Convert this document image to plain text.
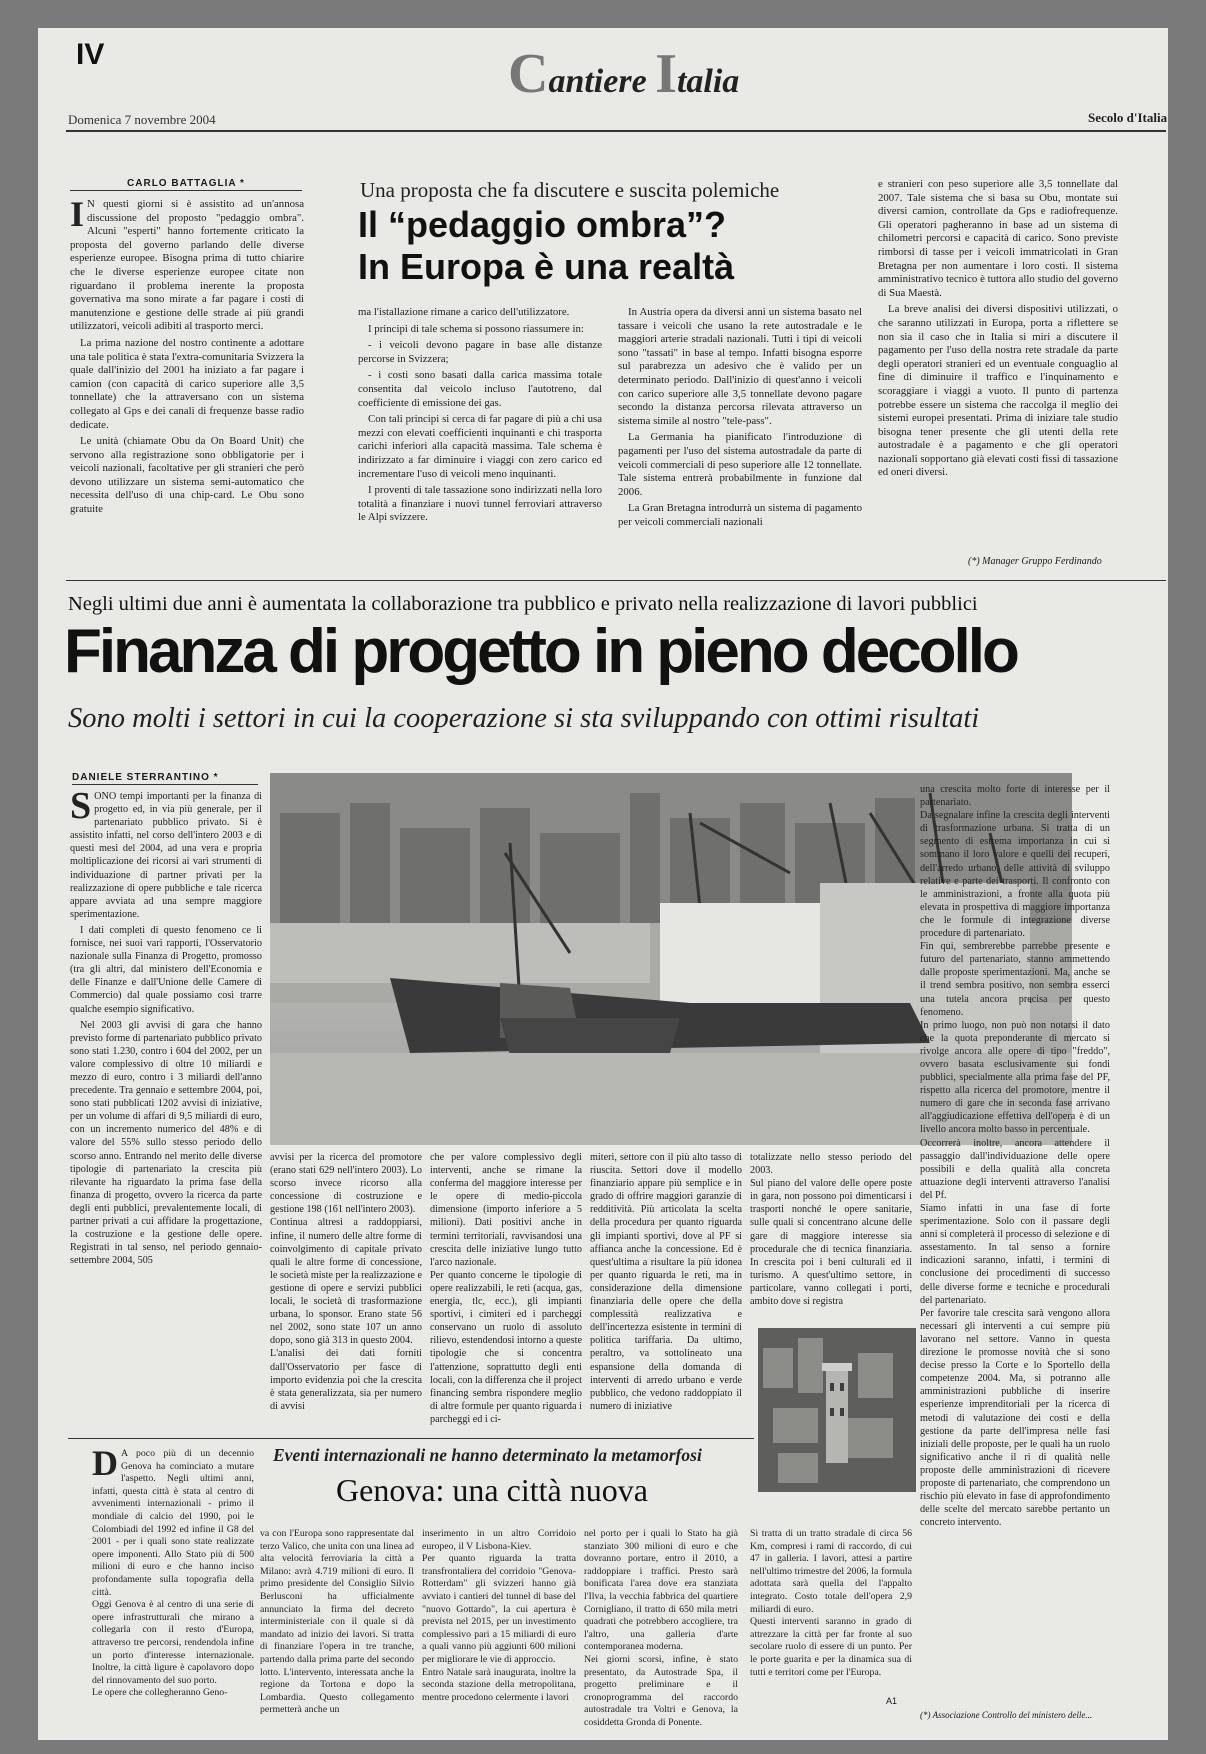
IV	Cantiere Italia
Domenica 7 novembre 2004	Secolo d'Italia
CARLO BATTAGLIA *	Una proposta che fa discutere e suscita polemiche
Il “pedaggio ombra”?
In Europa è una realtà
I N questi giorni si è assistito ad un'annosa discussione del proposto "pedaggio ombra". Alcuni "esperti" hanno fortemente criticato la proposta del governo parlando delle diverse esperienze europee. Bisogna prima di tutto chiarire che le diverse esperienze europee citate non riguardano il problema inerente la proposta governativa ma sono mirate a far pagare i costi di manutenzione e gestione delle strade ai più grandi utilizzatori, veicoli adibiti al trasporto merci.

La prima nazione del nostro continente a adottare una tale politica è stata l'extra-comunitaria Svizzera la quale dall'inizio del 2001 ha iniziato a far pagare i camion (con capacità di carico superiore alle 3,5 tonnellate) che la attraversano con un sistema collegato al Gps e dei canali di frequenze basse radio dedicate.

Le unità (chiamate Obu da On Board Unit) che servono alla registrazione sono obbligatorie per i veicoli nazionali, facoltative per gli stranieri che però devono utilizzare un sistema semi-automatico che necessita dell'uso di una chip-card. Le Obu sono gratuite

ma l'istallazione rimane a carico dell'utilizzatore.

I principi di tale schema si possono riassumere in:

- i veicoli devono pagare in base alle distanze percorse in Svizzera;

- i costi sono basati dalla carica massima totale consentita dal veicolo incluso l'autotreno, dal coefficiente di emissione dei gas.

Con tali principi si cerca di far pagare di più a chi usa mezzi con elevati coefficienti inquinanti e chi trasporta carichi inferiori alla capacità massima. Tale schema è indirizzato a far diminuire i viaggi con zero carico ed incrementare l'uso di veicoli meno inquinanti.

I proventi di tale tassazione sono indirizzati nella loro totalità a finanziare i nuovi tunnel ferroviari attraverso le Alpi svizzere.

In Austria opera da diversi anni un sistema basato nel tassare i veicoli che usano la rete autostradale e le maggiori arterie stradali nazionali. Tutti i tipi di veicoli sono "tassati" in base al tempo. Infatti bisogna esporre sul parabrezza un adesivo che è valido per un determinato periodo. Dall'inizio di quest'anno i veicoli con carico superiore alle 3,5 tonnellate devono pagare secondo la distanza percorsa rilevata attraverso un sistema simile al nostro "tele-pass".

La Germania ha pianificato l'introduzione di pagamenti per l'uso del sistema autostradale da parte di veicoli commerciali di peso superiore alle 12 tonnellate. Tale sistema entrerà probabilmente in funzione dal 2006.

La Gran Bretagna introdurrà un sistema di pagamento per veicoli commerciali nazionali

e stranieri con peso superiore alle 3,5 tonnellate dal 2007. Tale sistema che si basa su Obu, montate sui diversi camion, controllate da Gps e radiofrequenze. Gli operatori pagheranno in base ad un sistema di chilometri percorsi e capacità di carico. Sono previste rimborsi di tasse per i veicoli immatricolati in Gran Bretagna per non aumentare i loro costi. Il sistema amministrativo tecnico è tuttora allo studio del governo di Sua Maestà.

La breve analisi dei diversi dispositivi utilizzati, o che saranno utilizzati in Europa, porta a riflettere se non sia il caso che in Italia si miri a discutere il pagamento per l'uso della nostra rete stradale da parte degli operatori stranieri ed un eventuale conguaglio al fine di diminuire il traffico e l'inquinamento e scoraggiare i viaggi a vuoto. Il punto di partenza potrebbe essere un sistema che raccolga il meglio dei sistemi europei presentati. Prima di iniziare tale studio bisogna tener presente che gli utenti della rete autostradale è a pagamento e che gli operatori nazionali sopportano già elevati costi fissi di tassazione ed oneri diversi.

(*) Manager Gruppo Ferdinando
Negli ultimi due anni è aumentata la collaborazione tra pubblico e privato nella realizzazione di lavori pubblici
Finanza di progetto in pieno decollo
Sono molti i settori in cui la cooperazione si sta sviluppando con ottimi risultati
DANIELE STERRANTINO *
S ONO tempi importanti per la finanza di progetto ed, in via più generale, per il partenariato pubblico privato. Si è assistito infatti, nel corso dell'intero 2003 e di questi mesi del 2004, ad una vera e propria moltiplicazione dei ricorsi ai vari strumenti di individuazione di partner privati per la realizzazione di opere pubbliche e tale ricerca appare avviata ad una sempre maggiore sperimentazione.

I dati completi di questo fenomeno ce li fornisce, nei suoi vari rapporti, l'Osservatorio nazionale sulla Finanza di Progetto, promosso (tra gli altri, dal ministero dell'Economia e delle Finanze e dall'Unione delle Camere di Commercio) dal quale possiamo così trarre qualche esempio significativo.

Nel 2003 gli avvisi di gara che hanno previsto forme di partenariato pubblico privato sono stati 1.230, contro i 604 del 2002, per un valore complessivo di oltre 10 miliardi e mezzo di euro, contro i 3 miliardi dell'anno precedente. Tra gennaio e settembre 2004, poi, sono stati pubblicati 1202 avvisi di iniziative, per un volume di affari di 9,5 miliardi di euro, con un incremento numerico del 48% e di valore del 55% sullo stesso periodo dello scorso anno. Entrando nel merito delle diverse tipologie di partenariato la crescita più rilevante ha riguardato la prima fase della finanza di progetto, ovvero la ricerca da parte degli enti pubblici, prevalentemente locali, di partner privati a cui affidare la progettazione, la costruzione e la gestione delle opere. Registrati in tal senso, nel periodo gennaio-settembre 2004, 505

avvisi per la ricerca del promotore (erano stati 629 nell'intero 2003). Lo scorso invece ricorso alla concessione di costruzione e gestione 198 (161 nell'intero 2003).
Continua altresi a raddoppiarsi, infine, il numero delle altre forme di coinvolgimento di capitale privato quali le altre forme di concessione, le società miste per la realizzazione e gestione di opere e servizi pubblici locali, le società di trasformazione urbana, lo sponsor. Erano state 56 nel 2002, sono state 107 un anno dopo, sono già 313 in questo 2004.
L'analisi dei dati forniti dall'Osservatorio per fasce di importo evidenzia poi che la crescita è stata generalizzata, sia per numero di avvisi
che per valore complessivo degli interventi, anche se rimane la conferma del maggiore interesse per le opere di medio-piccola dimensione (importo inferiore a 5 milioni). Dati positivi anche in termini territoriali, ravvisandosi una crescita delle iniziative lungo tutto l'arco nazionale.
Per quanto concerne le tipologie di opere realizzabili, le reti (acqua, gas, energia, tlc, ecc.), gli impianti sportivi, i cimiteri ed i parcheggi conservano un ruolo di assoluto rilievo, estendendosi intorno a queste tipologie che si concentra l'attenzione, soprattutto degli enti locali, con la differenza che il project financing sembra rispondere meglio di altre formule per quanto riguarda i parcheggi ed i ci-
miteri, settore con il più alto tasso di riuscita. Settori dove il modello finanziario appare più semplice e in grado di offrire maggiori garanzie di redditività. Più articolata la scelta della procedura per quanto riguarda gli impianti sportivi, dove al PF si affianca anche la concessione. Ed è quest'ultima a risultare la più idonea per quanto riguarda le reti, ma in considerazione della dimensione finanziaria delle opere che della complessità realizzativa e dell'incertezza esistente in termini di politica tariffaria. Da ultimo, peraltro, va sottolineato una espansione della domanda di interventi di arredo urbano e verde pubblico, che vedono raddoppiato il numero di iniziative
totalizzate nello stesso periodo del 2003.
Sul piano del valore delle opere poste in gara, non possono poi dimenticarsi i trasporti nonché le opere sanitarie, sulle quali si concentrano alcune delle gare di maggiore interesse sia procedurale che di tecnica finanziaria. In crescita poi i beni culturali ed il turismo. A quest'ultimo settore, in particolare, vanno collegati i porti, ambito dove si registra
una crescita molto forte di interesse per il partenariato.
Da segnalare infine la crescita degli interventi di trasformazione urbana. Si tratta di un segmento di estrema importanza in cui si sommano il loro valore e quelli dei recuperi, dell'arredo urbano, delle attività di sviluppo relative e parte dei trasporti. Il confronto con le amministrazioni, a fronte alla quota più elevata in prospettiva di maggiore importanza che le formule di integrazione diverse procedure di partenariato.
Fin qui, sembrerebbe parrebbe presente e futuro del partenariato, stanno ammettendo dalle proposte sperimentazioni. Ma, anche se il trend sembra positivo, non sembra esserci una tutela ancora precisa per questo fenomeno.
In primo luogo, non può non notarsi il dato che la quota preponderante di mercato si rivolge ancora alle opere di tipo "freddo", ovvero basata esclusivamente sui fondi pubblici, specialmente alla prima fase del PF, rispetto alla ricerca del promotore, mentre il numero di gare che in seconda fase arrivano all'aggiudicazione effettiva dell'opera è di un livello ancora molto basso in percentuale.
Occorrerà inoltre, ancora attendere il passaggio dall'individuazione delle opere possibili e della qualità alla concreta attuazione degli interventi attraverso l'analisi del Pf.
Siamo infatti in una fase di forte sperimentazione. Solo con il passare degli anni si completerà il processo di selezione e di assestamento. In tal senso a fornire indicazioni saranno, infatti, i termini di conclusione dei procedimenti di successo delle diverse forme e tecniche e procedurali del partenariato.
Per favorire tale crescita sarà vengono allora necessari gli interventi a cui sempre più lavorano nel settore. Vanno in questa direzione le promosse novità che si sono decise presso la Corte e lo Sportello della competenze 2004. Ma, si potranno alle amministrazioni pubbliche di inserire esperienze imprenditoriali per la ricerca di metodi di valutazione dei costi e della gestione da parte dell'impresa nelle fasi iniziali delle proposte, per le quali ha un ruolo significativo anche il ri di qualità nelle proposte delle amministrazioni di ricevere proposte di partenariato, che comprendono un rischio più elevato in fase di approfondimento delle scelte del mercato sarebbe pertanto un concreto intervento.
(*) Associazione Controllo del ministero delle...
Eventi internazionali ne hanno determinato la metamorfosi
Genova: una città nuova
D A poco più di un decennio Genova ha cominciato a mutare l'aspetto. Negli ultimi anni, infatti, questa città è stata al centro di avvenimenti internazionali - primo il mondiale di calcio del 1990, poi le Colombiadi del 1992 ed infine il G8 del 2001 - per i quali sono state realizzate opere imponenti. Allo Stato più di 500 milioni di euro e che hanno inciso profondamente sulla topografia della città.
Oggi Genova è al centro di una serie di opere infrastrutturali che mirano a collegarla con il resto d'Europa, attraverso tre percorsi, rendendola infine un porto d'interesse internazionale. Inoltre, la città ligure è capolavoro dopo del rinnovamento del suo porto.
Le opere che collegheranno Geno-
va con l'Europa sono rappresentate dal terzo Valico, che unita con una linea ad alta velocità ferroviaria la città a Milano: avrà 4.719 milioni di euro. Il primo presidente del Consiglio Silvio Berlusconi ha ufficialmente annunciato la firma del decreto interministeriale con il quale si dà mandato ad inizio dei lavori. Si tratta di finanziare l'opera in tre tranche, partendo dalla prima parte del secondo lotto. L'intervento, interessata anche la regione da Tortona e dopo la Lombardia. Questo collegamento permetterà anche un
inserimento in un altro Corridoio europeo, il V Lisbona-Kiev.
Per quanto riguarda la tratta transfrontaliera del corridoio "Genova-Rotterdam" gli svizzeri hanno già avviato i cantieri del tunnel di base del "nuovo Gottardo", la cui apertura è prevista nel 2015, per un investimento complessivo pari a 15 miliardi di euro a quali vanno più aggiunti 600 milioni per migliorare le vie di approccio.
Entro Natale sarà inaugurata, inoltre la seconda stazione della metropolitana, mentre procedono celermente i lavori
nel porto per i quali lo Stato ha già stanziato 300 milioni di euro e che dovranno portare, entro il 2010, a raddoppiare i traffici. Presto sarà bonificata l'area dove era stanziata l'Ilva, la vecchia fabbrica del quartiere Cornigliano, il tratto di 650 mila metri quadrati che potrebbero accogliere, tra l'altro, una galleria d'arte contemporanea moderna.
Nei giorni scorsi, infine, è stato presentato, da Autostrade Spa, il progetto preliminare e il cronoprogramma del raccordo autostradale tra Voltri e Genova, la cosiddetta Gronda di Ponente.
Si tratta di un tratto stradale di circa 56 Km, compresi i rami di raccordo, di cui 47 in galleria. I lavori, attesi a partire nell'ultimo trimestre del 2006, la formula adottata sarà quella del l'appalto integrato. Costo totale dell'opera 2,9 miliardi di euro.
Questi interventi saranno in grado di attrezzare la città per far fronte al suo secolare ruolo di essere di un punto. Per le porte guarita e per la dinamica sua di tutti e territori come per l'Europa.
A1
